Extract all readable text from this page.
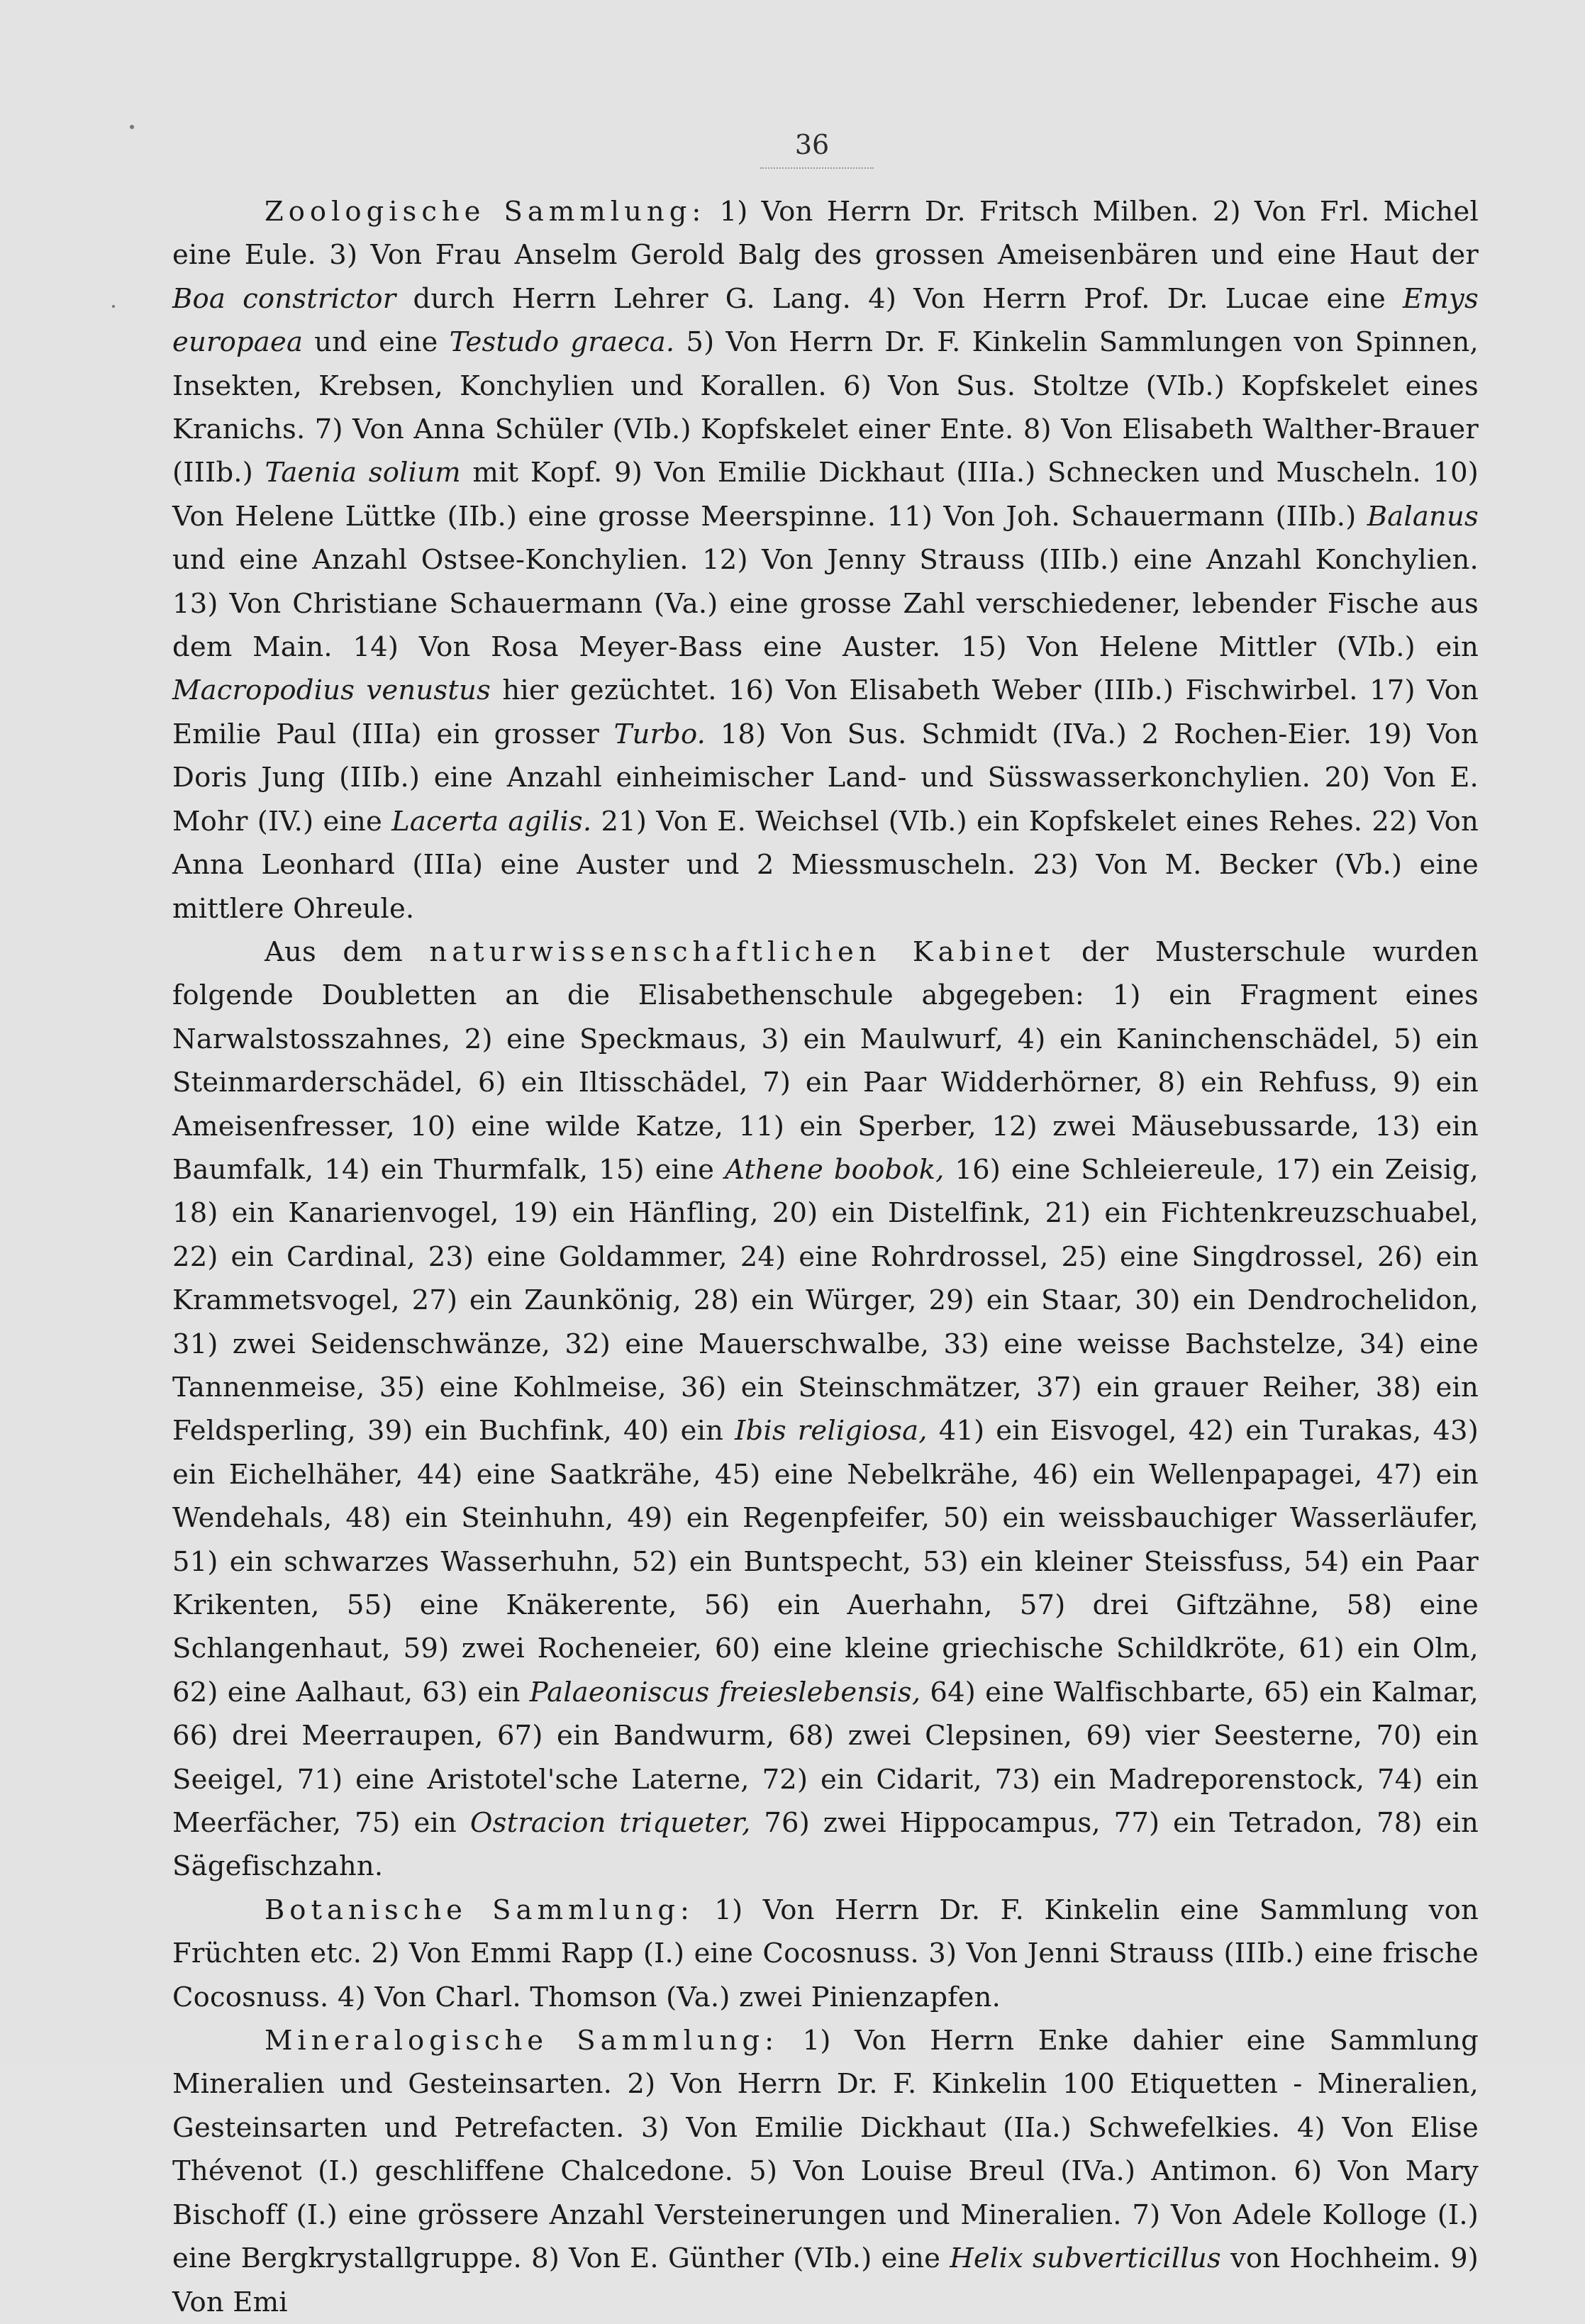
36

Zoologische Sammlung: 1) Von Herrn Dr. Fritsch Milben. 2) Von Frl. Michel eine Eule. 3) Von Frau Anselm Gerold Balg des grossen Ameisenbären und eine Haut der Boa constrictor durch Herrn Lehrer G. Lang. 4) Von Herrn Prof. Dr. Lucae eine Emys europaea und eine Testudo graeca. 5) Von Herrn Dr. F. Kinkelin Sammlungen von Spinnen, Insekten, Krebsen, Konchylien und Korallen. 6) Von Sus. Stoltze (VIb.) Kopfskelet eines Kranichs. 7) Von Anna Schüler (VIb.) Kopfskelet einer Ente. 8) Von Elisabeth Walther-Brauer (IIIb.) Taenia solium mit Kopf. 9) Von Emilie Dickhaut (IIIa.) Schnecken und Muscheln. 10) Von Helene Lüttke (IIb.) eine grosse Meerspinne. 11) Von Joh. Schauermann (IIIb.) Balanus und eine Anzahl Ostsee-Konchylien. 12) Von Jenny Strauss (IIIb.) eine Anzahl Konchylien. 13) Von Christiane Schauermann (Va.) eine grosse Zahl verschiedener, lebender Fische aus dem Main. 14) Von Rosa Meyer-Bass eine Auster. 15) Von Helene Mittler (VIb.) ein Macropodius venustus hier gezüchtet. 16) Von Elisabeth Weber (IIIb.) Fischwirbel. 17) Von Emilie Paul (IIIa) ein grosser Turbo. 18) Von Sus. Schmidt (IVa.) 2 Rochen-Eier. 19) Von Doris Jung (IIIb.) eine Anzahl einheimischer Land- und Süsswasserkonchylien. 20) Von E. Mohr (IV.) eine Lacerta agilis. 21) Von E. Weichsel (VIb.) ein Kopfskelet eines Rehes. 22) Von Anna Leonhard (IIIa) eine Auster und 2 Miessmuscheln. 23) Von M. Becker (Vb.) eine mittlere Ohreule.

Aus dem naturwissenschaftlichen Kabinet der Musterschule wurden folgende Doubletten an die Elisabethenschule abgegeben: 1) ein Fragment eines Narwalstosszahnes, 2) eine Speckmaus, 3) ein Maulwurf, 4) ein Kaninchenschädel, 5) ein Steinmarderschädel, 6) ein Iltisschädel, 7) ein Paar Widderhörner, 8) ein Rehfuss, 9) ein Ameisenfresser, 10) eine wilde Katze, 11) ein Sperber, 12) zwei Mäusebussarde, 13) ein Baumfalk, 14) ein Thurmfalk, 15) eine Athene boobok, 16) eine Schleiereule, 17) ein Zeisig, 18) ein Kanarienvogel, 19) ein Hänfling, 20) ein Distelfink, 21) ein Fichtenkreuzschuabel, 22) ein Cardinal, 23) eine Goldammer, 24) eine Rohrdrossel, 25) eine Singdrossel, 26) ein Krammetsvogel, 27) ein Zaunkönig, 28) ein Würger, 29) ein Staar, 30) ein Dendrochelidon, 31) zwei Seidenschwänze, 32) eine Mauerschwalbe, 33) eine weisse Bachstelze, 34) eine Tannenmeise, 35) eine Kohlmeise, 36) ein Steinschmätzer, 37) ein grauer Reiher, 38) ein Feldsperling, 39) ein Buchfink, 40) ein Ibis religiosa, 41) ein Eisvogel, 42) ein Turakas, 43) ein Eichelhäher, 44) eine Saatkrähe, 45) eine Nebelkrähe, 46) ein Wellenpapagei, 47) ein Wendehals, 48) ein Steinhuhn, 49) ein Regenpfeifer, 50) ein weissbauchiger Wasserläufer, 51) ein schwarzes Wasserhuhn, 52) ein Buntspecht, 53) ein kleiner Steissfuss, 54) ein Paar Krikenten, 55) eine Knäkerente, 56) ein Auerhahn, 57) drei Giftzähne, 58) eine Schlangenhaut, 59) zwei Rocheneier, 60) eine kleine griechische Schildkröte, 61) ein Olm, 62) eine Aalhaut, 63) ein Palaeoniscus freieslebensis, 64) eine Walfischbarte, 65) ein Kalmar, 66) drei Meerraupen, 67) ein Bandwurm, 68) zwei Clepsinen, 69) vier Seesterne, 70) ein Seeigel, 71) eine Aristotel'sche Laterne, 72) ein Cidarit, 73) ein Madreporenstock, 74) ein Meerfächer, 75) ein Ostracion triqueter, 76) zwei Hippocampus, 77) ein Tetradon, 78) ein Sägefischzahn.

Botanische Sammlung: 1) Von Herrn Dr. F. Kinkelin eine Sammlung von Früchten etc. 2) Von Emmi Rapp (I.) eine Cocosnuss. 3) Von Jenni Strauss (IIIb.) eine frische Cocosnuss. 4) Von Charl. Thomson (Va.) zwei Pinienzapfen.

Mineralogische Sammlung: 1) Von Herrn Enke dahier eine Sammlung Mineralien und Gesteinsarten. 2) Von Herrn Dr. F. Kinkelin 100 Etiquetten - Mineralien, Gesteinsarten und Petrefacten. 3) Von Emilie Dickhaut (IIa.) Schwefelkies. 4) Von Elise Thévenot (I.) geschliffene Chalcedone. 5) Von Louise Breul (IVa.) Antimon. 6) Von Mary Bischoff (I.) eine grössere Anzahl Versteinerungen und Mineralien. 7) Von Adele Kolloge (I.) eine Bergkrystallgruppe. 8) Von E. Günther (VIb.) eine Helix subverticillus von Hochheim. 9) Von Emi
